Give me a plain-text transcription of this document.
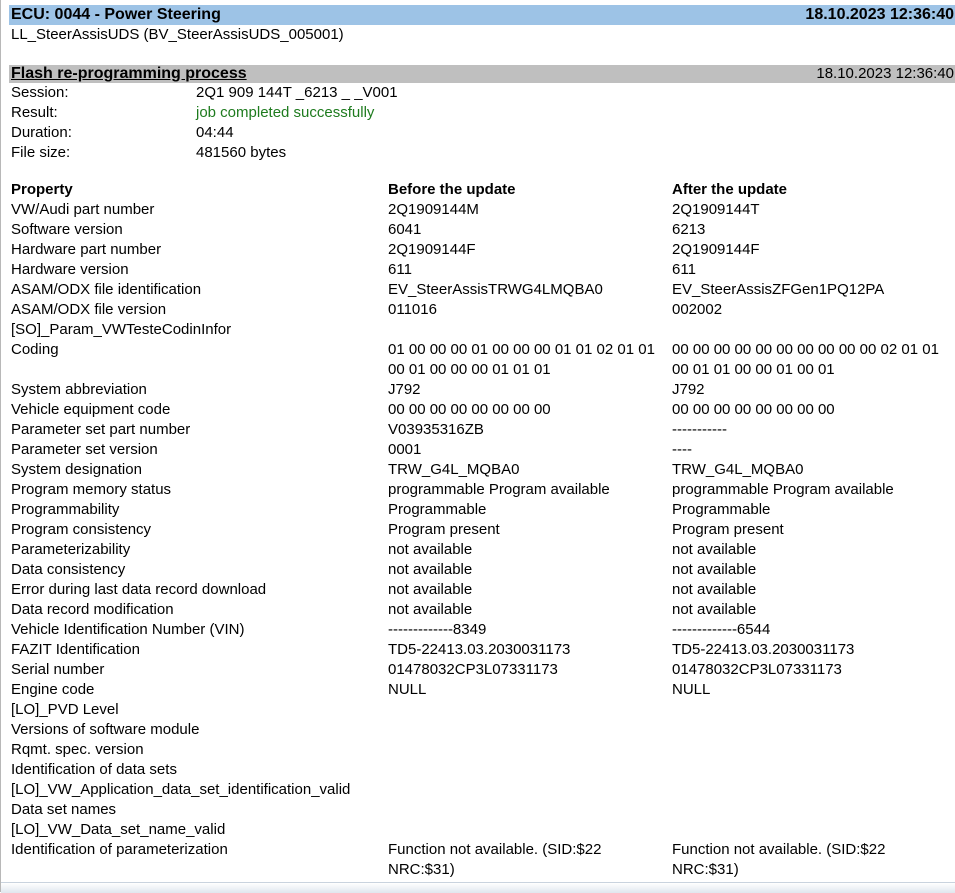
ECU: 0044 - Power Steering	18.10.2023 12:36:40
LL_SteerAssisUDS (BV_SteerAssisUDS_005001)
Flash re-programming process	18.10.2023 12:36:40
Session:	2Q1 909 144T _6213 _ _V001
Result:	job completed successfully
Duration:	04:44
File size:	481560 bytes
Property	Before the update	After the update
VW/Audi part number	2Q1909144M	2Q1909144T
Software version	6041	6213
Hardware part number	2Q1909144F	2Q1909144F
Hardware version	611	611
ASAM/ODX file identification	EV_SteerAssisTRWG4LMQBA0	EV_SteerAssisZFGen1PQ12PA
ASAM/ODX file version	011016	002002
[SO]_Param_VWTesteCodinInfor		
Coding	01 00 00 00 01 00 00 00 01 01 02 01 01 00 01 00 00 00 01 01 01	00 00 00 00 00 00 00 00 00 00 02 01 01 00 01 01 00 00 01 00 01
System abbreviation	J792	J792
Vehicle equipment code	00 00 00 00 00 00 00 00	00 00 00 00 00 00 00 00
Parameter set part number	V03935316ZB	-----------
Parameter set version	0001	----
System designation	TRW_G4L_MQBA0	TRW_G4L_MQBA0
Program memory status	programmable Program available	programmable Program available
Programmability	Programmable	Programmable
Program consistency	Program present	Program present
Parameterizability	not available	not available
Data consistency	not available	not available
Error during last data record download	not available	not available
Data record modification	not available	not available
Vehicle Identification Number (VIN)	-------------8349	-------------6544
FAZIT Identification	TD5-22413.03.2030031173	TD5-22413.03.2030031173
Serial number	01478032CP3L07331173	01478032CP3L07331173
Engine code	NULL	NULL
[LO]_PVD Level		
Versions of software module		
Rqmt. spec. version		
Identification of data sets		
[LO]_VW_Application_data_set_identification_valid		
Data set names		
[LO]_VW_Data_set_name_valid		
Identification of parameterization	Function not available. (SID:$22 NRC:$31)	Function not available. (SID:$22 NRC:$31)
